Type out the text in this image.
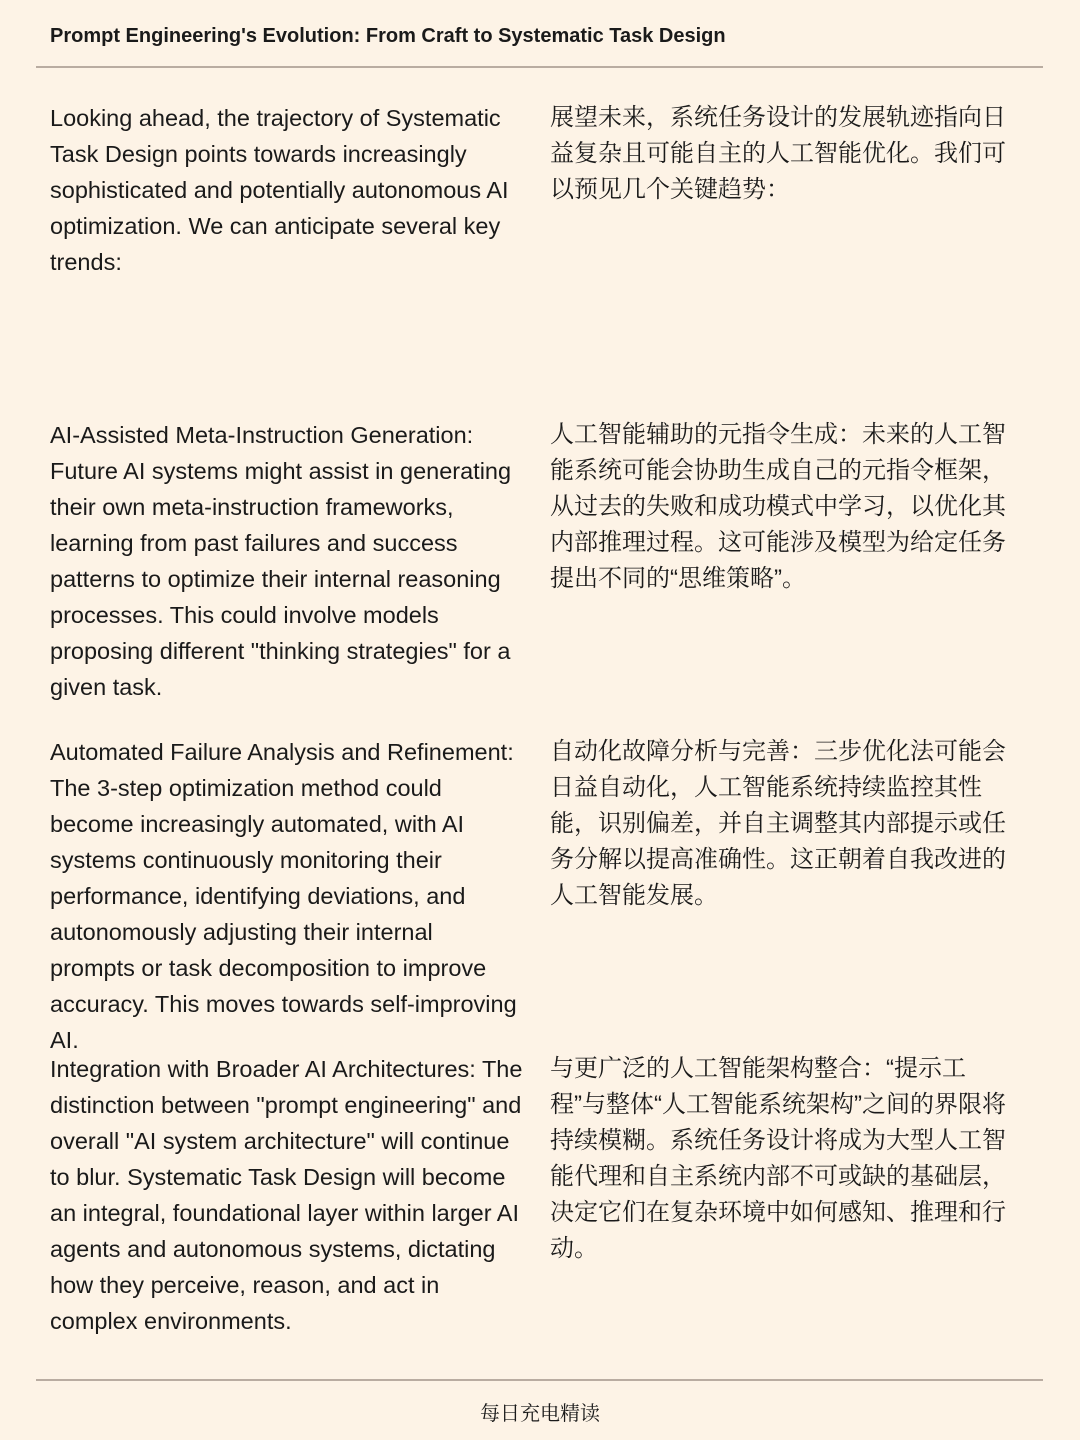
Prompt Engineering's Evolution: From Craft to Systematic Task Design
Looking ahead, the trajectory of Systematic Task Design points towards increasingly sophisticated and potentially autonomous AI optimization. We can anticipate several key trends:
展望未来，系统任务设计的发展轨迹指向日益复杂且可能自主的人工智能优化。我们可以预见几个关键趋势：
AI-Assisted Meta-Instruction Generation: Future AI systems might assist in generating their own meta-instruction frameworks, learning from past failures and success patterns to optimize their internal reasoning processes. This could involve models proposing different "thinking strategies" for a given task.
人工智能辅助的元指令生成：未来的人工智能系统可能会协助生成自己的元指令框架，从过去的失败和成功模式中学习，以优化其内部推理过程。这可能涉及模型为给定任务提出不同的“思维策略”。
Automated Failure Analysis and Refinement: The 3-step optimization method could become increasingly automated, with AI systems continuously monitoring their performance, identifying deviations, and autonomously adjusting their internal prompts or task decomposition to improve accuracy. This moves towards self-improving AI.
自动化故障分析与完善：三步优化法可能会日益自动化，人工智能系统持续监控其性能，识别偏差，并自主调整其内部提示或任务分解以提高准确性。这正朝着自我改进的人工智能发展。
Integration with Broader AI Architectures: The distinction between "prompt engineering" and overall "AI system architecture" will continue to blur. Systematic Task Design will become an integral, foundational layer within larger AI agents and autonomous systems, dictating how they perceive, reason, and act in complex environments.
与更广泛的人工智能架构整合：“提示工程”与整体“人工智能系统架构”之间的界限将持续模糊。系统任务设计将成为大型人工智能代理和自主系统内部不可或缺的基础层，决定它们在复杂环境中如何感知、推理和行动。
每日充电精读
